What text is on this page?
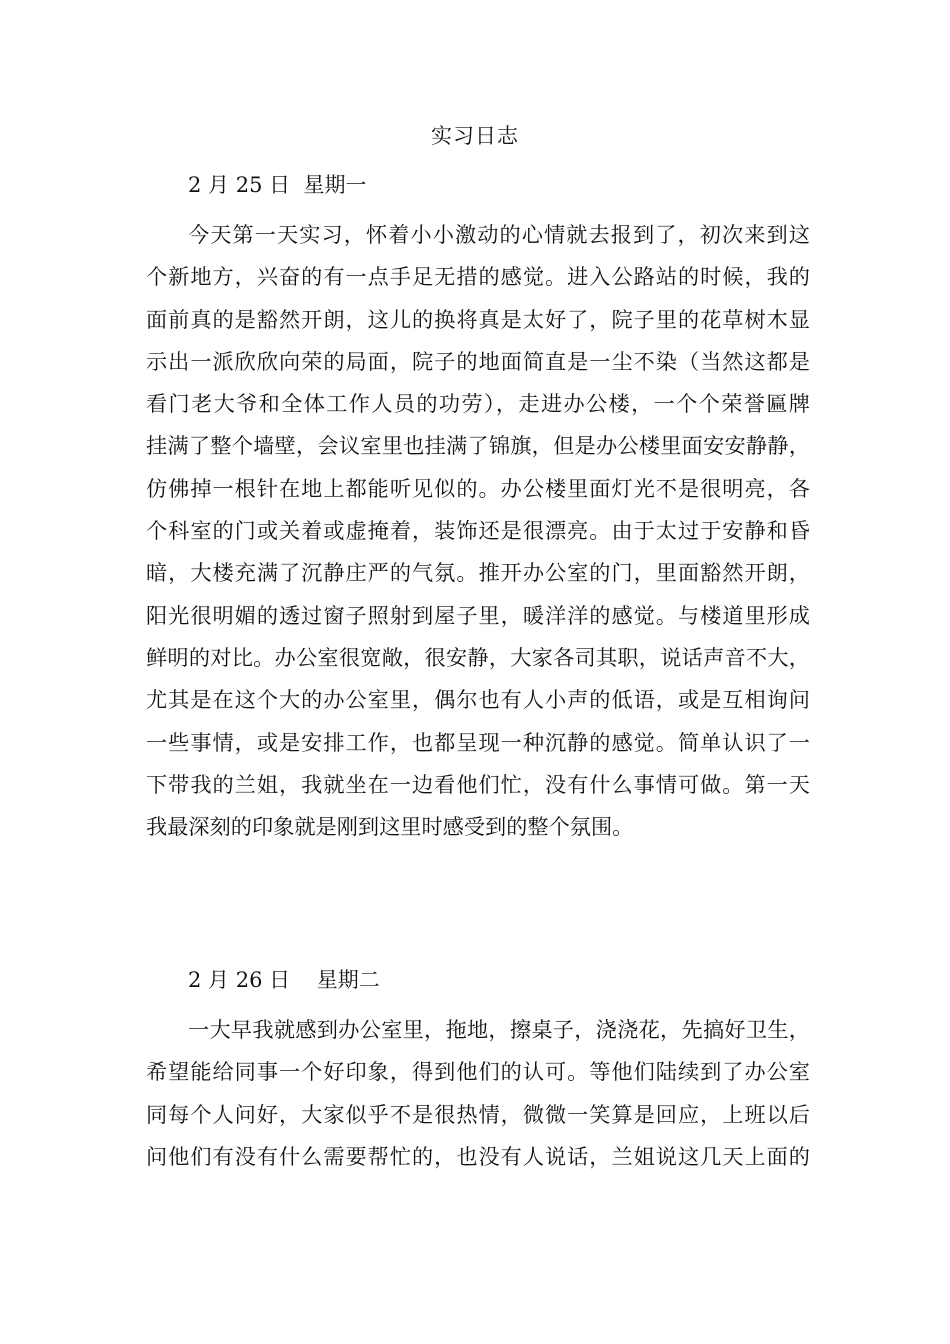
实习日志
2 月 25 日  星期一
今天第一天实习，怀着小小激动的心情就去报到了，初次来到这
个新地方，兴奋的有一点手足无措的感觉。进入公路站的时候，我的
面前真的是豁然开朗，这儿的换将真是太好了，院子里的花草树木显
示出一派欣欣向荣的局面，院子的地面简直是一尘不染（当然这都是
看门老大爷和全体工作人员的功劳），走进办公楼，一个个荣誉匾牌
挂满了整个墙壁，会议室里也挂满了锦旗，但是办公楼里面安安静静，
仿佛掉一根针在地上都能听见似的。办公楼里面灯光不是很明亮，各
个科室的门或关着或虚掩着，装饰还是很漂亮。由于太过于安静和昏
暗，大楼充满了沉静庄严的气氛。推开办公室的门，里面豁然开朗，
阳光很明媚的透过窗子照射到屋子里，暖洋洋的感觉。与楼道里形成
鲜明的对比。办公室很宽敞，很安静，大家各司其职，说话声音不大，
尤其是在这个大的办公室里，偶尔也有人小声的低语，或是互相询问
一些事情，或是安排工作，也都呈现一种沉静的感觉。简单认识了一
下带我的兰姐，我就坐在一边看他们忙，没有什么事情可做。第一天
我最深刻的印象就是刚到这里时感受到的整个氛围。
2 月 26 日    星期二
一大早我就感到办公室里，拖地，擦桌子，浇浇花，先搞好卫生，
希望能给同事一个好印象，得到他们的认可。等他们陆续到了办公室
同每个人问好，大家似乎不是很热情，微微一笑算是回应，上班以后
问他们有没有什么需要帮忙的，也没有人说话，兰姐说这几天上面的
